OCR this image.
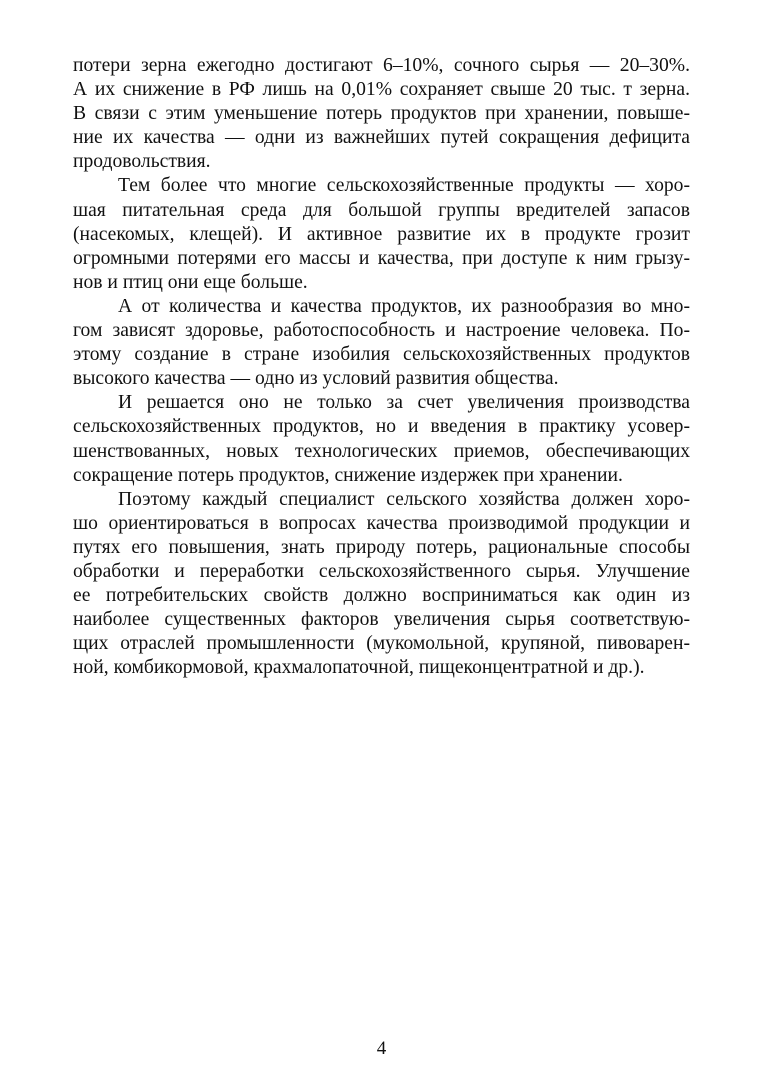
потери зерна ежегодно достигают 6–10%, сочного сырья — 20–30%.
А их снижение в РФ лишь на 0,01% сохраняет свыше 20 тыс. т зерна.
В связи с этим уменьшение потерь продуктов при хранении, повыше-
ние их качества — одни из важнейших путей сокращения дефицита
продовольствия.
Тем более что многие сельскохозяйственные продукты — хоро-
шая питательная среда для большой группы вредителей запасов
(насекомых, клещей). И активное развитие их в продукте грозит
огромными потерями его массы и качества, при доступе к ним грызу-
нов и птиц они еще больше.
А от количества и качества продуктов, их разнообразия во мно-
гом зависят здоровье, работоспособность и настроение человека. По-
этому создание в стране изобилия сельскохозяйственных продуктов
высокого качества — одно из условий развития общества.
И решается оно не только за счет увеличения производства
сельскохозяйственных продуктов, но и введения в практику усовер-
шенствованных, новых технологических приемов, обеспечивающих
сокращение потерь продуктов, снижение издержек при хранении.
Поэтому каждый специалист сельского хозяйства должен хоро-
шо ориентироваться в вопросах качества производимой продукции и
путях его повышения, знать природу потерь, рациональные способы
обработки и переработки сельскохозяйственного сырья. Улучшение
ее потребительских свойств должно восприниматься как один из
наиболее существенных факторов увеличения сырья соответствую-
щих отраслей промышленности (мукомольной, крупяной, пивоварен-
ной, комбикормовой, крахмалопаточной, пищеконцентратной и др.).
4
